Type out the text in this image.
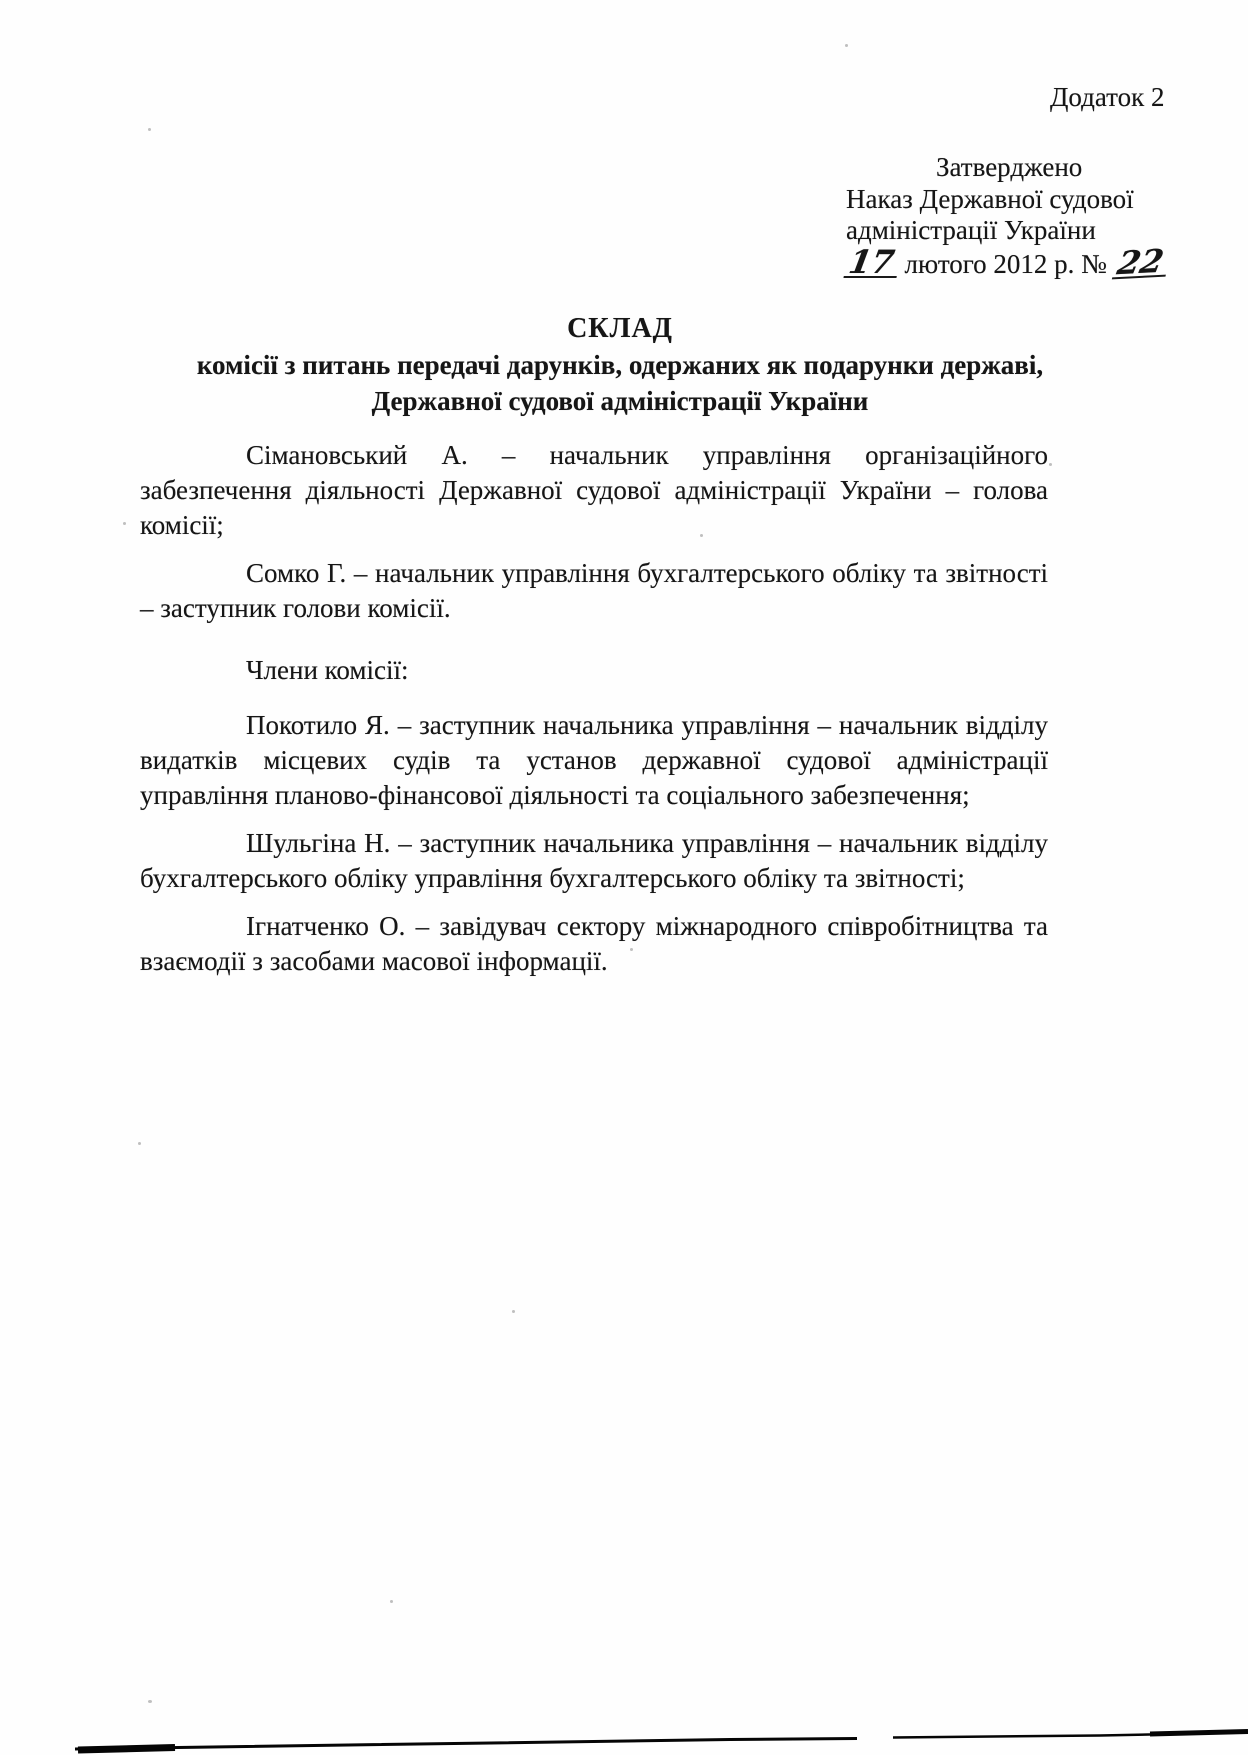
Додаток 2
Затверджено
Наказ Державної судової
адміністрації України
17 лютого 2012 р. № 22
СКЛАД
комісії з питань передачі дарунків, одержаних як подарунки державі,
Державної судової адміністрації України

Сімановський А. – начальник управління організаційного забезпечення діяльності Державної судової адміністрації України – голова комісії;

Сомко Г. – начальник управління бухгалтерського обліку та звітності – заступник голови комісії.

Члени комісії:

Покотило Я. – заступник начальника управління – начальник відділу видатків місцевих судів та установ державної судової адміністрації управління планово-фінансової діяльності та соціального забезпечення;

Шульгіна Н. – заступник начальника управління – начальник відділу бухгалтерського обліку управління бухгалтерського обліку та звітності;

Ігнатченко О. – завідувач сектору міжнародного співробітництва та взаємодії з засобами масової інформації.
